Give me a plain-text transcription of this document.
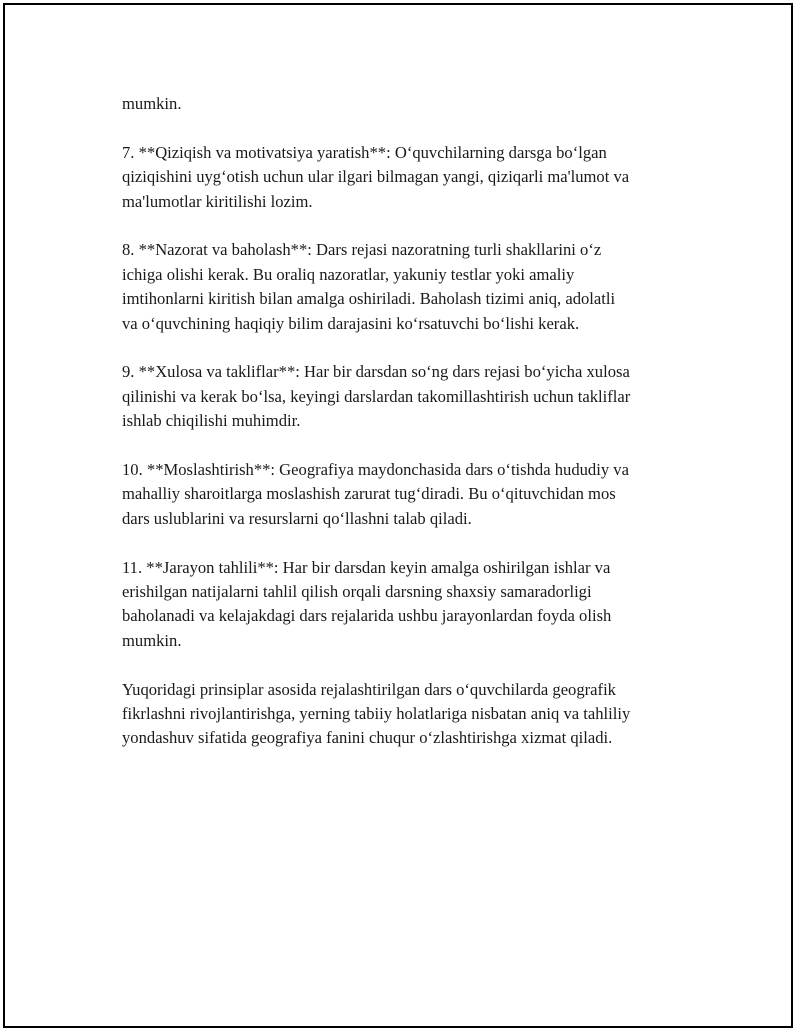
mumkin.

7. **Qiziqish va motivatsiya yaratish**: O‘quvchilarning darsga bo‘lgan
qiziqishini uyg‘otish uchun ular ilgari bilmagan yangi, qiziqarli ma'lumot va
ma'lumotlar kiritilishi lozim.

8. **Nazorat va baholash**: Dars rejasi nazoratning turli shakllarini o‘z
ichiga olishi kerak. Bu oraliq nazoratlar, yakuniy testlar yoki amaliy
imtihonlarni kiritish bilan amalga oshiriladi. Baholash tizimi aniq, adolatli
va o‘quvchining haqiqiy bilim darajasini ko‘rsatuvchi bo‘lishi kerak.

9. **Xulosa va takliflar**: Har bir darsdan so‘ng dars rejasi bo‘yicha xulosa
qilinishi va kerak bo‘lsa, keyingi darslardan takomillashtirish uchun takliflar
ishlab chiqilishi muhimdir.

10. **Moslashtirish**: Geografiya maydonchasida dars o‘tishda hududiy va
mahalliy sharoitlarga moslashish zarurat tug‘diradi. Bu o‘qituvchidan mos
dars uslublarini va resurslarni qo‘llashni talab qiladi.

11. **Jarayon tahlili**: Har bir darsdan keyin amalga oshirilgan ishlar va
erishilgan natijalarni tahlil qilish orqali darsning shaxsiy samaradorligi
baholanadi va kelajakdagi dars rejalarida ushbu jarayonlardan foyda olish
mumkin.

Yuqoridagi prinsiplar asosida rejalashtirilgan dars o‘quvchilarda geografik
fikrlashni rivojlantirishga, yerning tabiiy holatlariga nisbatan aniq va tahliliy
yondashuv sifatida geografiya fanini chuqur o‘zlashtirishga xizmat qiladi.
